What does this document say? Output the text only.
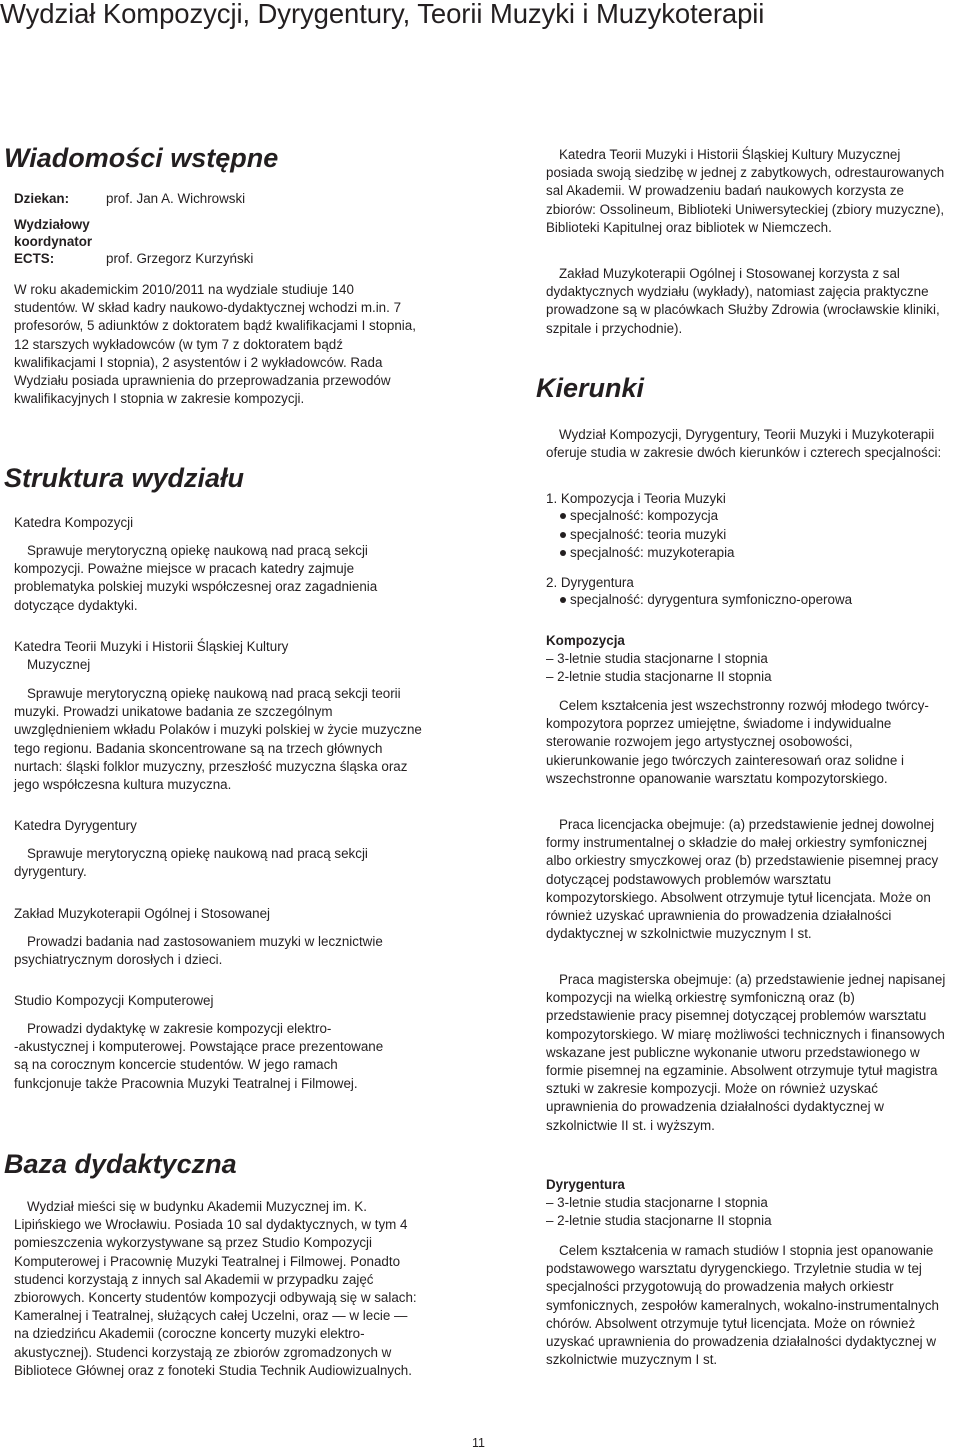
Wydział Kompozycji, Dyrygentury, Teorii Muzyki i Muzykoterapii
Wiadomości wstępne
Dziekan:	prof. Jan A. Wichrowski
Wydziałowy
koordynator
ECTS:	prof. Grzegorz Kurzyński

W roku akademickim 2010/2011 na wydziale studiuje 140 studentów. W skład kadry naukowo-dydaktycznej wchodzi m.in. 7 profesorów, 5 adiunktów z doktoratem bądź kwalifikacjami I stopnia, 12 starszych wykładowców (w tym 7 z doktoratem bądź kwalifikacjami I stopnia), 2 asystentów i 2 wykładowców. Rada Wydziału posiada uprawnienia do przeprowadzania przewodów kwalifikacyjnych I stopnia w zakresie kompozycji.

Struktura wydziału
Katedra Kompozycji

Sprawuje merytoryczną opiekę naukową nad pracą sekcji kompozycji. Poważne miejsce w pracach katedry zajmuje problematyka polskiej muzyki współczesnej oraz zagadnienia dotyczące dydaktyki.

Katedra Teorii Muzyki i Historii Śląskiej Kultury
Muzycznej

Sprawuje merytoryczną opiekę naukową nad pracą sekcji teorii muzyki. Prowadzi unikatowe badania ze szczególnym uwzględnieniem wkładu Polaków i muzyki polskiej w życie muzyczne tego regionu. Badania skoncentrowane są na trzech głównych nurtach: śląski folklor muzyczny, przeszłość muzyczna śląska oraz jego współczesna kultura muzyczna.

Katedra Dyrygentury

Sprawuje merytoryczną opiekę naukową nad pracą sekcji dyrygentury.

Zakład Muzykoterapii Ogólnej i Stosowanej

Prowadzi badania nad zastosowaniem muzyki w lecznictwie psychiatrycznym dorosłych i dzieci.

Studio Kompozycji Komputerowej
Prowadzi dydaktykę w zakresie kompozycji elektro-
-akustycznej i komputerowej. Powstające prace prezentowane są na corocznym koncercie studentów. W jego ramach funkcjonuje także Pracownia Muzyki Teatralnej i Filmowej.
Baza dydaktyczna

Wydział mieści się w budynku Akademii Muzycznej im. K. Lipińskiego we Wrocławiu. Posiada 10 sal dydaktycznych, w tym 4 pomieszczenia wykorzystywane są przez Studio Kompozycji Komputerowej i Pracownię Muzyki Teatralnej i Filmowej. Ponadto studenci korzystają z innych sal Akademii w przypadku zajęć zbiorowych. Koncerty studentów kompozycji odbywają się w salach: Kameralnej i Teatralnej, służących całej Uczelni, oraz — w lecie — na dziedzińcu Akademii (coroczne koncerty muzyki elektro-akustycznej). Studenci korzystają ze zbiorów zgromadzonych w Bibliotece Głównej oraz z fonoteki Studia Technik Audiowizualnych.

Katedra Teorii Muzyki i Historii Śląskiej Kultury Muzycznej posiada swoją siedzibę w jednej z zabytkowych, odrestaurowanych sal Akademii. W prowadzeniu badań naukowych korzysta ze zbiorów: Ossolineum, Biblioteki Uniwersyteckiej (zbiory muzyczne), Biblioteki Kapitulnej oraz bibliotek w Niemczech.

Zakład Muzykoterapii Ogólnej i Stosowanej korzysta z sal dydaktycznych wydziału (wykłady), natomiast zajęcia praktyczne prowadzone są w placówkach Służby Zdrowia (wrocławskie kliniki, szpitale i przychodnie).

Kierunki

Wydział Kompozycji, Dyrygentury, Teorii Muzyki i Muzykoterapii oferuje studia w zakresie dwóch kierunków i czterech specjalności:

1. Kompozycja i Teoria Muzyki
specjalność: kompozycja
specjalność: teoria muzyki
specjalność: muzykoterapia
2. Dyrygentura
specjalność: dyrygentura symfoniczno-operowa
Kompozycja
– 3-letnie studia stacjonarne I stopnia
– 2-letnie studia stacjonarne II stopnia

Celem kształcenia jest wszechstronny rozwój młodego twórcy-kompozytora poprzez umiejętne, świadome i indywidualne sterowanie rozwojem jego artystycznej osobowości, ukierunkowanie jego twórczych zainteresowań oraz solidne i wszechstronne opanowanie warsztatu kompozytorskiego.

Praca licencjacka obejmuje: (a) przedstawienie jednej dowolnej formy instrumentalnej o składzie do małej orkiestry symfonicznej albo orkiestry smyczkowej oraz (b) przedstawienie pisemnej pracy dotyczącej podstawowych problemów warsztatu kompozytorskiego. Absolwent otrzymuje tytuł licencjata. Może on również uzyskać uprawnienia do prowadzenia działalności dydaktycznej w szkolnictwie muzycznym I st.

Praca magisterska obejmuje: (a) przedstawienie jednej napisanej kompozycji na wielką orkiestrę symfoniczną oraz (b) przedstawienie pracy pisemnej dotyczącej problemów warsztatu kompozytorskiego. W miarę możliwości technicznych i finansowych wskazane jest publiczne wykonanie utworu przedstawionego w formie pisemnej na egzaminie. Absolwent otrzymuje tytuł magistra sztuki w zakresie kompozycji. Może on również uzyskać uprawnienia do prowadzenia działalności dydaktycznej w szkolnictwie II st. i wyższym.

Dyrygentura
– 3-letnie studia stacjonarne I stopnia
– 2-letnie studia stacjonarne II stopnia

Celem kształcenia w ramach studiów I stopnia jest opanowanie podstawowego warsztatu dyrygenckiego. Trzyletnie studia w tej specjalności przygotowują do prowadzenia małych orkiestr symfonicznych, zespołów kameralnych, wokalno-instrumentalnych chórów. Absolwent otrzymuje tytuł licencjata. Może on również uzyskać uprawnienia do prowadzenia działalności dydaktycznej w szkolnictwie muzycznym I st.

11
